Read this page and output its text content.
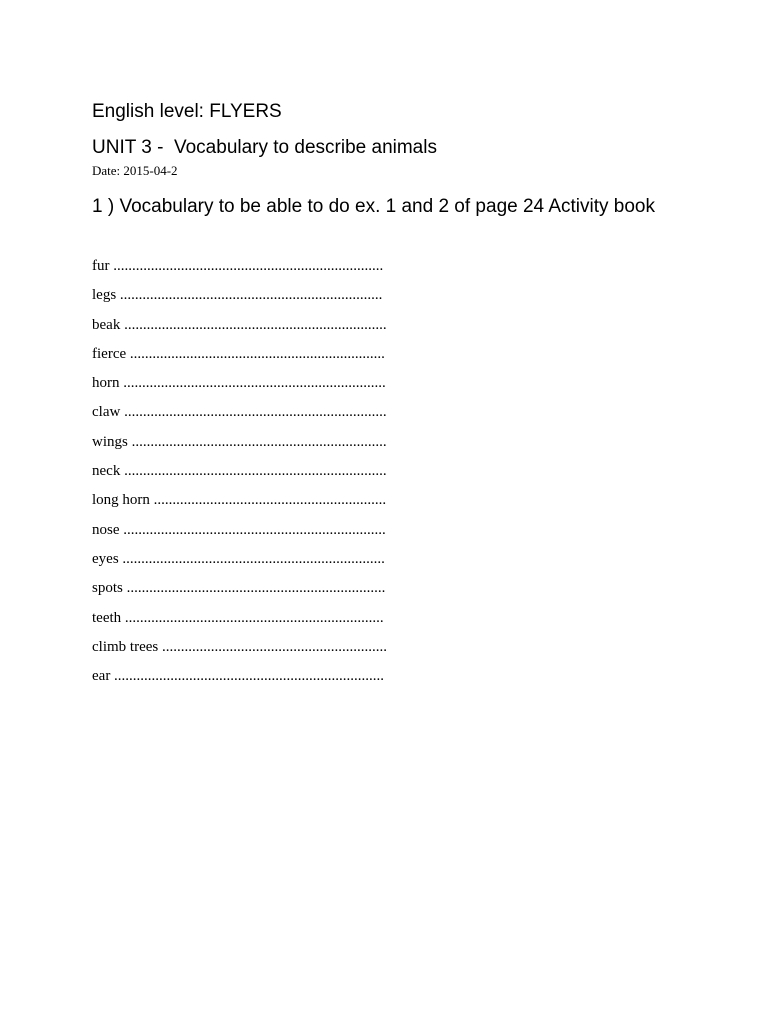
English level: FLYERS
UNIT 3 -  Vocabulary to describe animals
Date: 2015-04-2
1 ) Vocabulary to be able to do ex. 1 and 2 of page 24 Activity book
fur ........................................................................
legs ......................................................................
beak ......................................................................
fierce ....................................................................
horn ......................................................................
claw ......................................................................
wings ....................................................................
neck ......................................................................
long horn ..............................................................
nose ......................................................................
eyes ......................................................................
spots .....................................................................
teeth .....................................................................
climb trees ............................................................
ear ........................................................................
